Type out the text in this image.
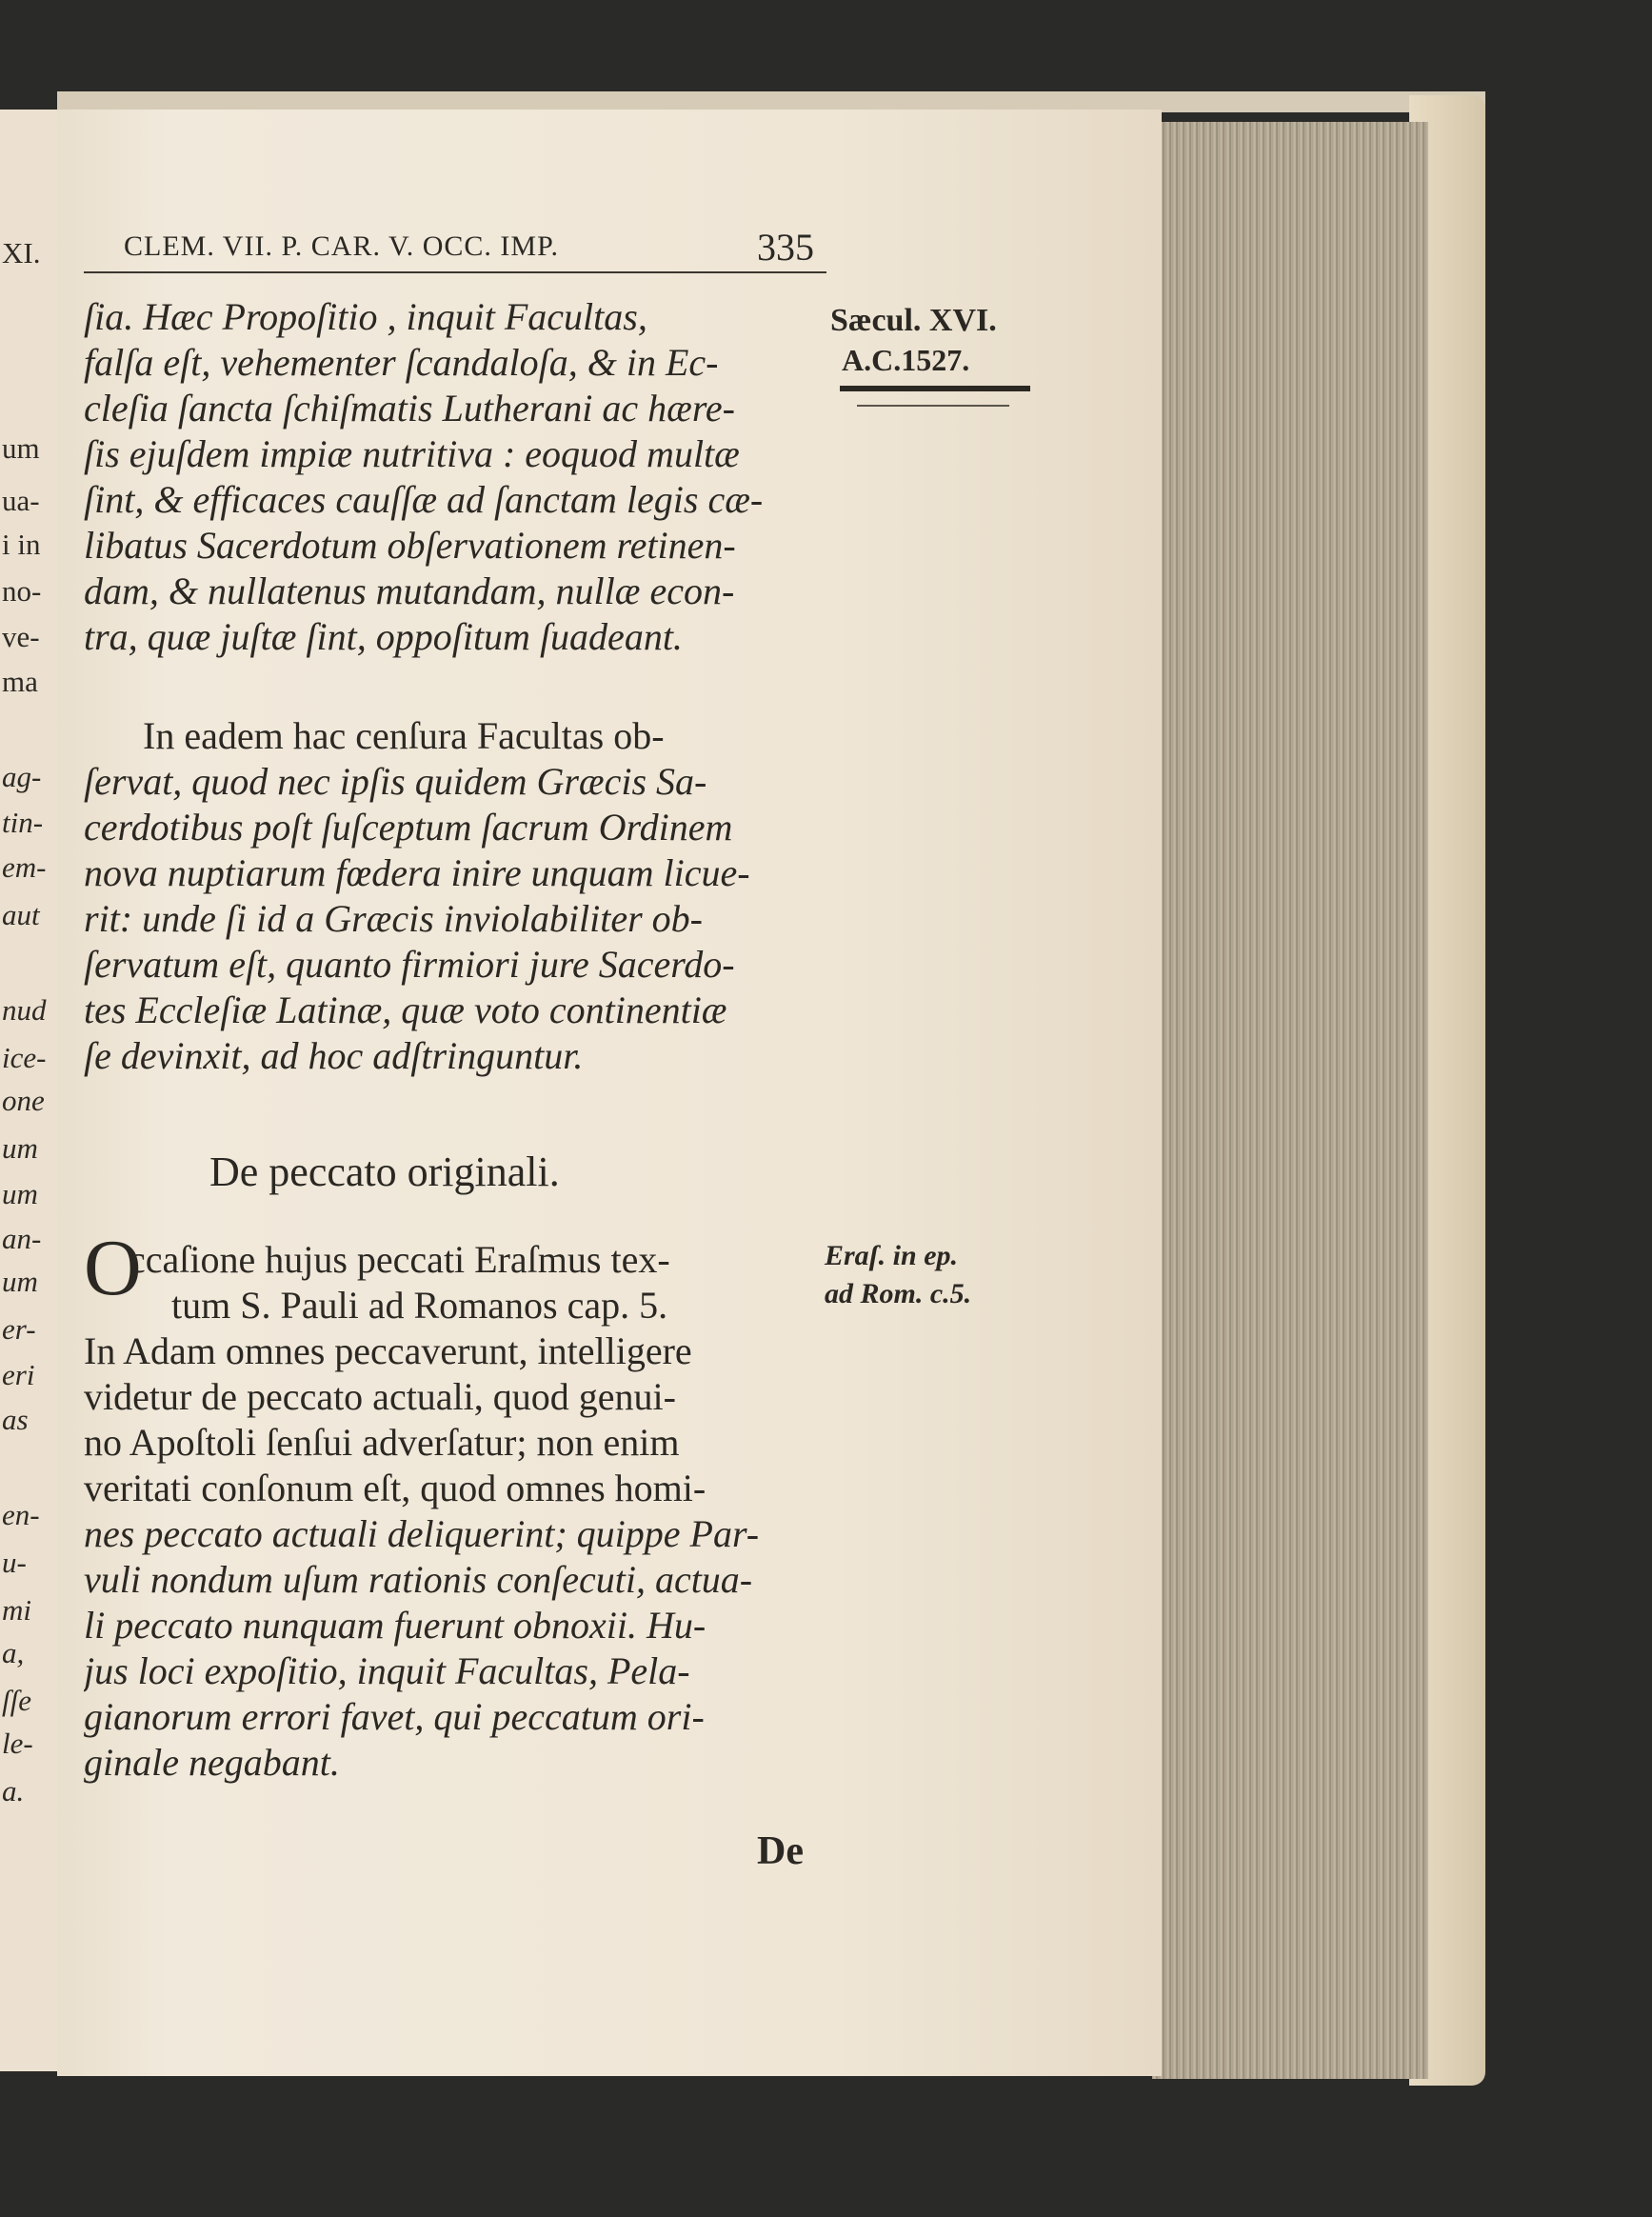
XI.
um
ua-
i in
no-
ve-
ma
ag-
tin-
em-
aut
nud
ice-
one
um
um
an-
um
er-
eri
as
en-
u-
mi
a,
ſſe
le-
a.
CLEM. VII. P. CAR. V. OCC. IMP.	335
Sæcul. XVI.
A.C.1527.
ſia. Hæc Propoſitio , inquit Facultas,
falſa eſt, vehementer ſcandaloſa, & in Ec-
cleſia ſancta ſchiſmatis Lutherani ac hære-
ſis ejuſdem impiæ nutritiva : eoquod multæ
ſint, & efficaces cauſſæ ad ſanctam legis cæ-
libatus Sacerdotum obſervationem retinen-
dam, & nullatenus mutandam, nullæ econ-
tra, quæ juſtæ ſint, oppoſitum ſuadeant.
In eadem hac cenſura Facultas ob-
ſervat, quod nec ipſis quidem Græcis Sa-
cerdotibus poſt ſuſceptum ſacrum Ordinem
nova nuptiarum fœdera inire unquam licue-
rit: unde ſi id a Græcis inviolabiliter ob-
ſervatum eſt, quanto firmiori jure Sacerdo-
tes Eccleſiæ Latinæ, quæ voto continentiæ
ſe devinxit, ad hoc adſtringuntur.
De peccato originali.
O	Eraſ. in ep.
ad Rom. c.5.
ccaſione hujus peccati Eraſmus tex-
tum S. Pauli ad Romanos cap. 5.
In Adam omnes peccaverunt, intelligere
videtur de peccato actuali, quod genui-
no Apoſtoli ſenſui adverſatur; non enim
veritati conſonum eſt, quod omnes homi-
nes peccato actuali deliquerint; quippe Par-
vuli nondum uſum rationis conſecuti, actua-
li peccato nunquam fuerunt obnoxii. Hu-
jus loci expoſitio, inquit Facultas, Pela-
gianorum errori favet, qui peccatum ori-
ginale negabant.
De
